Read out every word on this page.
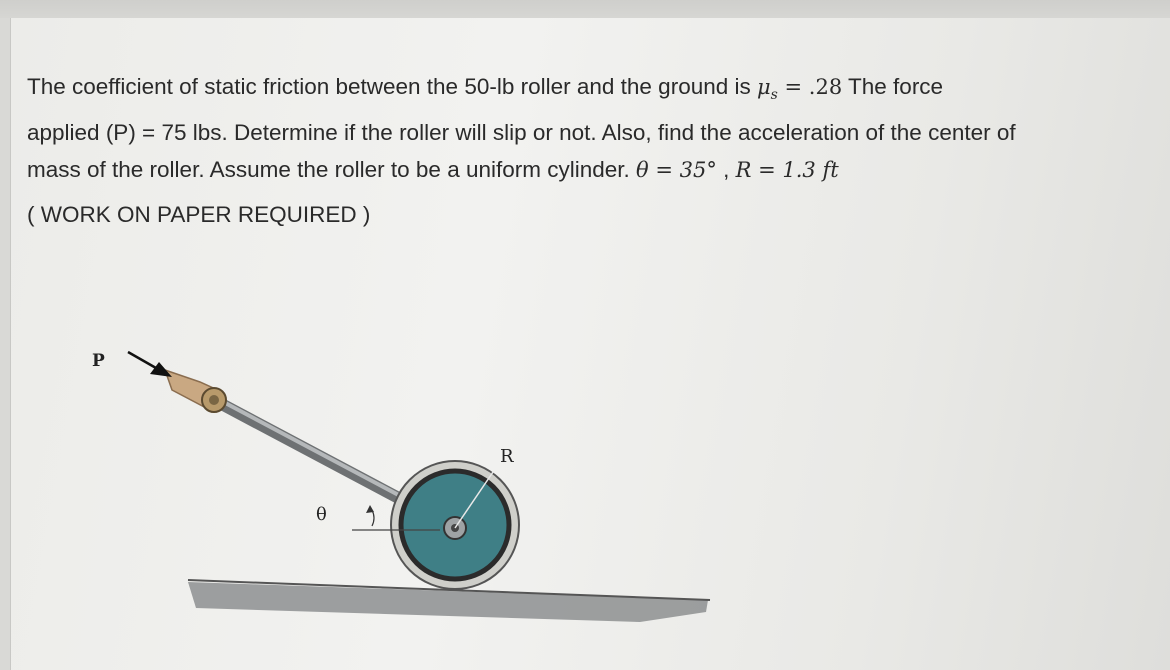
The coefficient of static friction between the 50-lb roller and the ground is $\mu_s = .28$ The force
applied (P) = 75 lbs. Determine if the roller will slip or not. Also, find the acceleration of the center of
mass of the roller. Assume the roller to be a uniform cylinder. θ = 35° , R = 1.3 ft
( WORK ON PAPER REQUIRED )
P
R
θ
